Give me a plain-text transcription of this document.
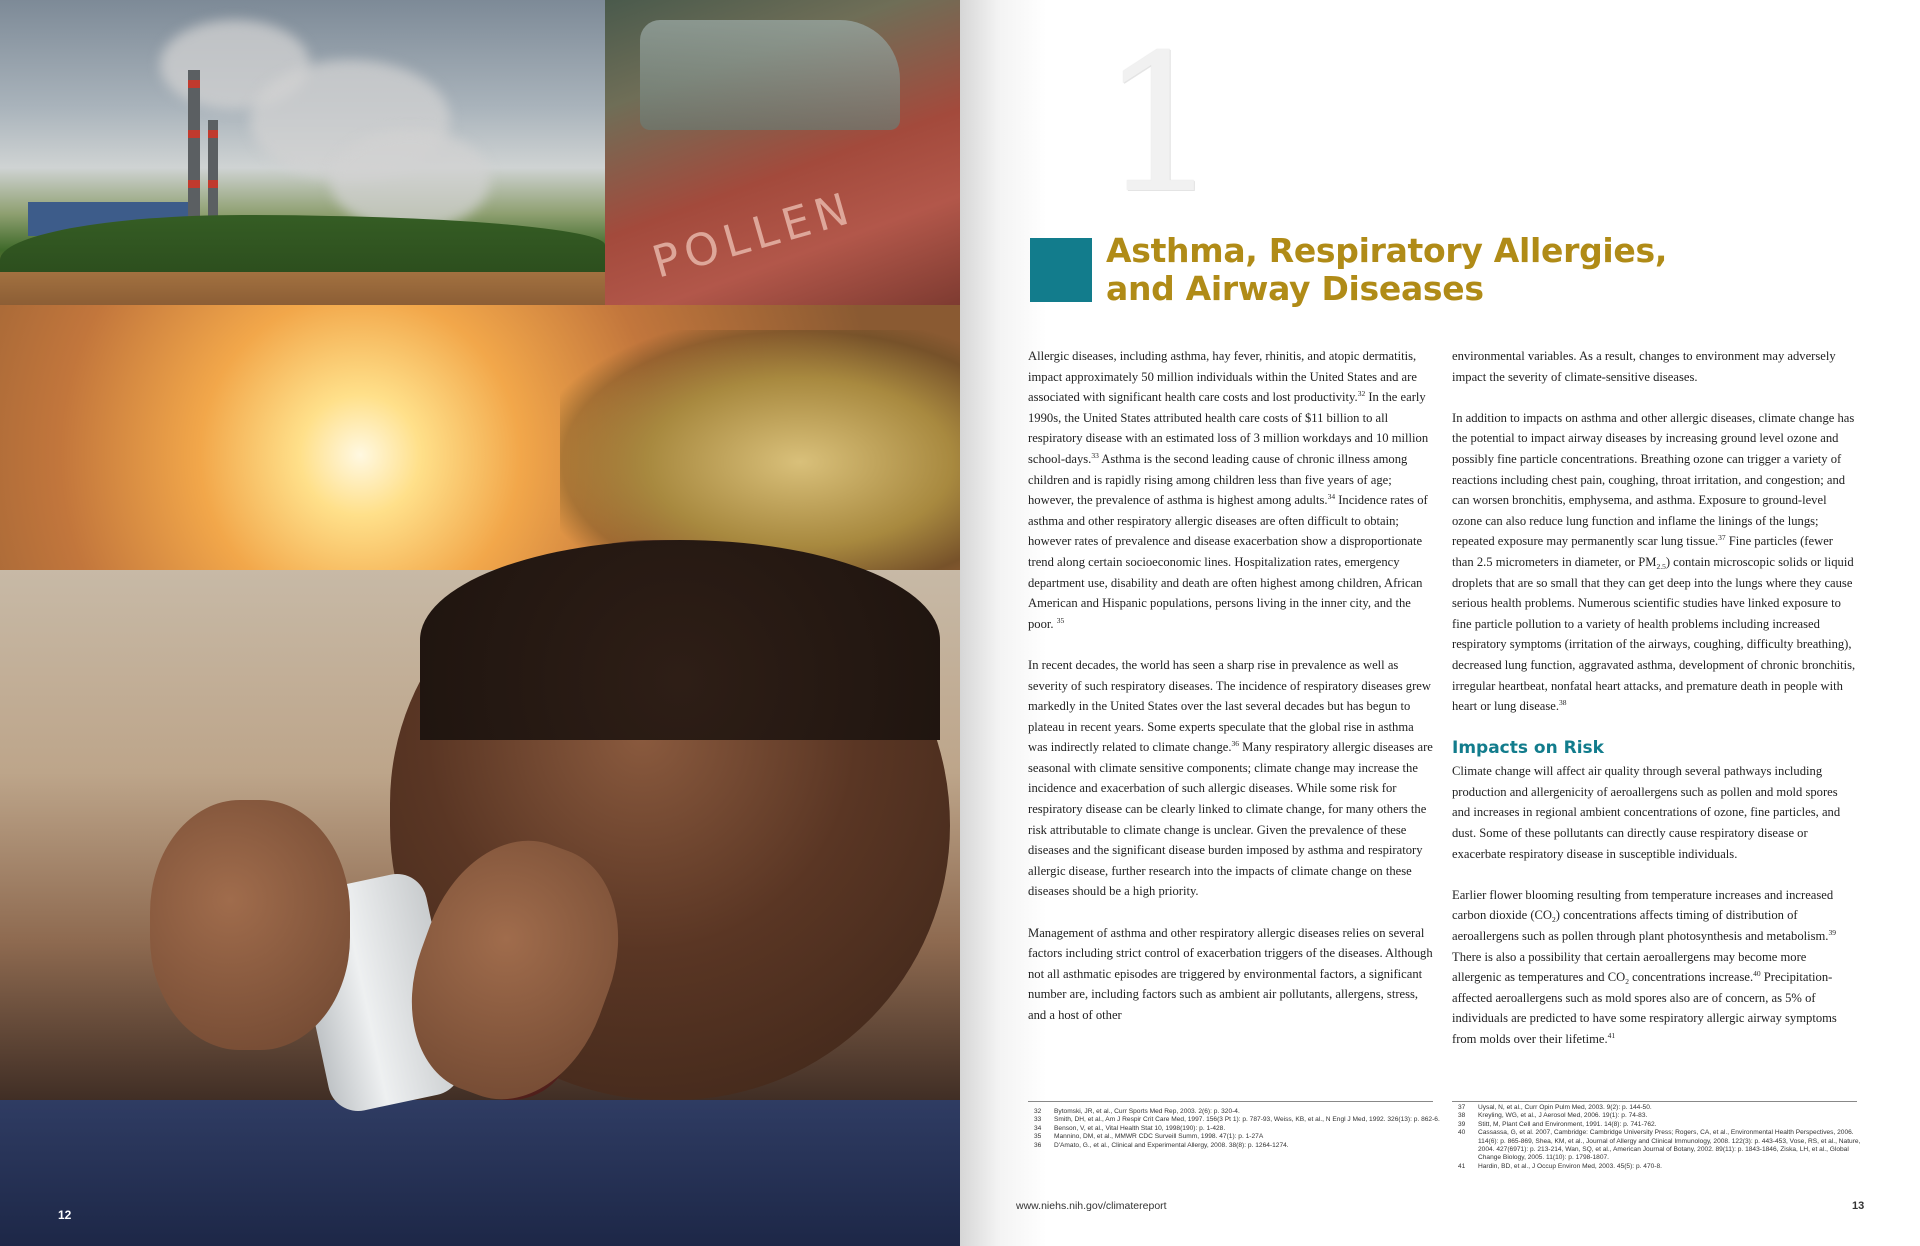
POLLEN
12
1
Asthma, Respiratory Allergies,
and Airway Diseases

Allergic diseases, including asthma, hay fever, rhinitis, and atopic dermatitis, impact approximately 50 million individuals within the United States and are associated with significant health care costs and lost productivity.$^{32}$ In the early 1990s, the United States attributed health care costs of $11 billion to all respiratory disease with an estimated loss of 3 million workdays and 10 million school-days.$^{33}$ Asthma is the second leading cause of chronic illness among children and is rapidly rising among children less than five years of age; however, the prevalence of asthma is highest among adults.$^{34}$ Incidence rates of asthma and other respiratory allergic diseases are often difficult to obtain; however rates of prevalence and disease exacerbation show a disproportionate trend along certain socioeconomic lines. Hospitalization rates, emergency department use, disability and death are often highest among children, African American and Hispanic populations, persons living in the inner city, and the poor. $^{35}$

In recent decades, the world has seen a sharp rise in prevalence as well as severity of such respiratory diseases. The incidence of respiratory diseases grew markedly in the United States over the last several decades but has begun to plateau in recent years. Some experts speculate that the global rise in asthma was indirectly related to climate change.$^{36}$ Many respiratory allergic diseases are seasonal with climate sensitive components; climate change may increase the incidence and exacerbation of such allergic diseases. While some risk for respiratory disease can be clearly linked to climate change, for many others the risk attributable to climate change is unclear. Given the prevalence of these diseases and the significant disease burden imposed by asthma and respiratory allergic disease, further research into the impacts of climate change on these diseases should be a high priority.

Management of asthma and other respiratory allergic diseases relies on several factors including strict control of exacerbation triggers of the diseases. Although not all asthmatic episodes are triggered by environmental factors, a significant number are, including factors such as ambient air pollutants, allergens, stress, and a host of other

environmental variables. As a result, changes to environment may adversely impact the severity of climate-sensitive diseases.

In addition to impacts on asthma and other allergic diseases, climate change has the potential to impact airway diseases by increasing ground level ozone and possibly fine particle concentrations. Breathing ozone can trigger a variety of reactions including chest pain, coughing, throat irritation, and congestion; and can worsen bronchitis, emphysema, and asthma. Exposure to ground-level ozone can also reduce lung function and inflame the linings of the lungs; repeated exposure may permanently scar lung tissue.$^{37}$ Fine particles (fewer than 2.5 micrometers in diameter, or $PM_{2.5}$) contain microscopic solids or liquid droplets that are so small that they can get deep into the lungs where they cause serious health problems. Numerous scientific studies have linked exposure to fine particle pollution to a variety of health problems including increased respiratory symptoms (irritation of the airways, coughing, difficulty breathing), decreased lung function, aggravated asthma, development of chronic bronchitis, irregular heartbeat, nonfatal heart attacks, and premature death in people with heart or lung disease.$^{38}$

Impacts on Risk

Climate change will affect air quality through several pathways including production and allergenicity of aeroallergens such as pollen and mold spores and increases in regional ambient concentrations of ozone, fine particles, and dust. Some of these pollutants can directly cause respiratory disease or exacerbate respiratory disease in susceptible individuals.

Earlier flower blooming resulting from temperature increases and increased carbon dioxide $(CO_2)$ concentrations affects timing of distribution of aeroallergens such as pollen through plant photosynthesis and metabolism.$^{39}$ There is also a possibility that certain aeroallergens may become more allergenic as temperatures and $CO_2$ concentrations increase.$^{40}$ Precipitation-affected aeroallergens such as mold spores also are of concern, as 5% of individuals are predicted to have some respiratory allergic airway symptoms from molds over their lifetime.$^{41}$

32	Bytomski, JR, et al., Curr Sports Med Rep, 2003. 2(6): p. 320-4.
33	Smith, DH, et al., Am J Respir Crit Care Med, 1997. 156(3 Pt 1): p. 787-93, Weiss, KB, et al., N Engl J Med, 1992. 326(13): p. 862-6.
34	Benson, V, et al., Vital Health Stat 10, 1998(190): p. 1-428.
35	Mannino, DM, et al., MMWR CDC Surveill Summ, 1998. 47(1): p. 1-27A
36	D'Amato, G., et al., Clinical and Experimental Allergy, 2008. 38(8): p. 1264-1274.
37	Uysal, N, et al., Curr Opin Pulm Med, 2003. 9(2): p. 144-50.
38	Kreyling, WG, et al., J Aerosol Med, 2006. 19(1): p. 74-83.
39	Stitt, M, Plant Cell and Environment, 1991. 14(8): p. 741-762.
40	Cassassa, G, et al. 2007, Cambridge: Cambridge University Press; Rogers, CA, et al., Environmental Health Perspectives, 2006. 114(6): p. 865-869, Shea, KM, et al., Journal of Allergy and Clinical Immunology, 2008. 122(3): p. 443-453, Vose, RS, et al., Nature, 2004. 427(6971): p. 213-214, Wan, SQ, et al., American Journal of Botany, 2002. 89(11): p. 1843-1846, Ziska, LH, et al., Global Change Biology, 2005. 11(10): p. 1798-1807.
41	Hardin, BD, et al., J Occup Environ Med, 2003. 45(5): p. 470-8.
www.niehs.nih.gov/climatereport	13
